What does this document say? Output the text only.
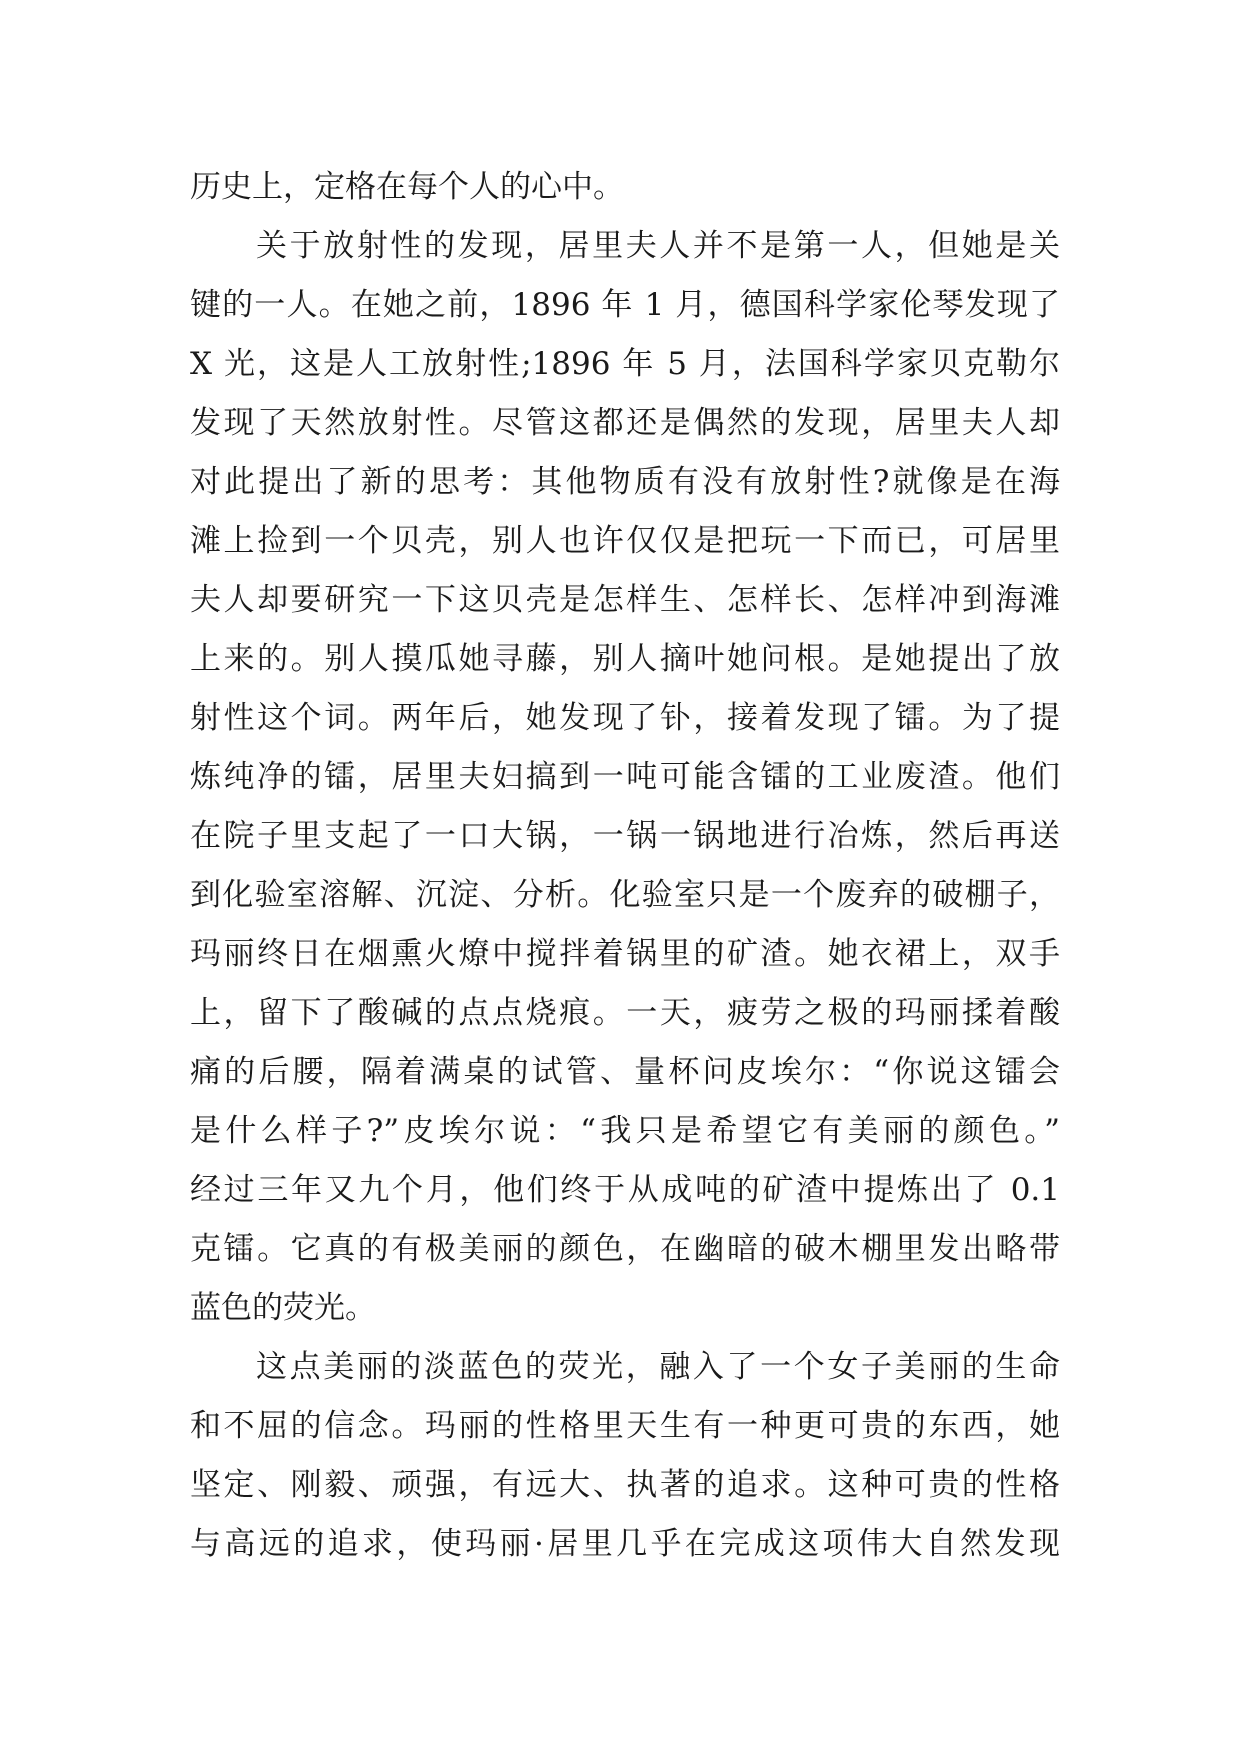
历史上，定格在每个人的心中。
关于放射性的发现，居里夫人并不是第一人，但她是关
键的一人。在她之前，1896 年 1 月，德国科学家伦琴发现了
X 光，这是人工放射性;1896 年 5 月，法国科学家贝克勒尔
发现了天然放射性。尽管这都还是偶然的发现，居里夫人却
对此提出了新的思考：其他物质有没有放射性?就像是在海
滩上捡到一个贝壳，别人也许仅仅是把玩一下而已，可居里
夫人却要研究一下这贝壳是怎样生、怎样长、怎样冲到海滩
上来的。别人摸瓜她寻藤，别人摘叶她问根。是她提出了放
射性这个词。两年后，她发现了钋，接着发现了镭。为了提
炼纯净的镭，居里夫妇搞到一吨可能含镭的工业废渣。他们
在院子里支起了一口大锅，一锅一锅地进行冶炼，然后再送
到化验室溶解、沉淀、分析。化验室只是一个废弃的破棚子，
玛丽终日在烟熏火燎中搅拌着锅里的矿渣。她衣裙上，双手
上，留下了酸碱的点点烧痕。一天，疲劳之极的玛丽揉着酸
痛的后腰，隔着满桌的试管、量杯问皮埃尔：“你说这镭会
是什么样子?”皮埃尔说：“我只是希望它有美丽的颜色。”
经过三年又九个月，他们终于从成吨的矿渣中提炼出了 0.1
克镭。它真的有极美丽的颜色，在幽暗的破木棚里发出略带
蓝色的荧光。
这点美丽的淡蓝色的荧光，融入了一个女子美丽的生命
和不屈的信念。玛丽的性格里天生有一种更可贵的东西，她
坚定、刚毅、顽强，有远大、执著的追求。这种可贵的性格
与高远的追求，使玛丽·居里几乎在完成这项伟大自然发现
